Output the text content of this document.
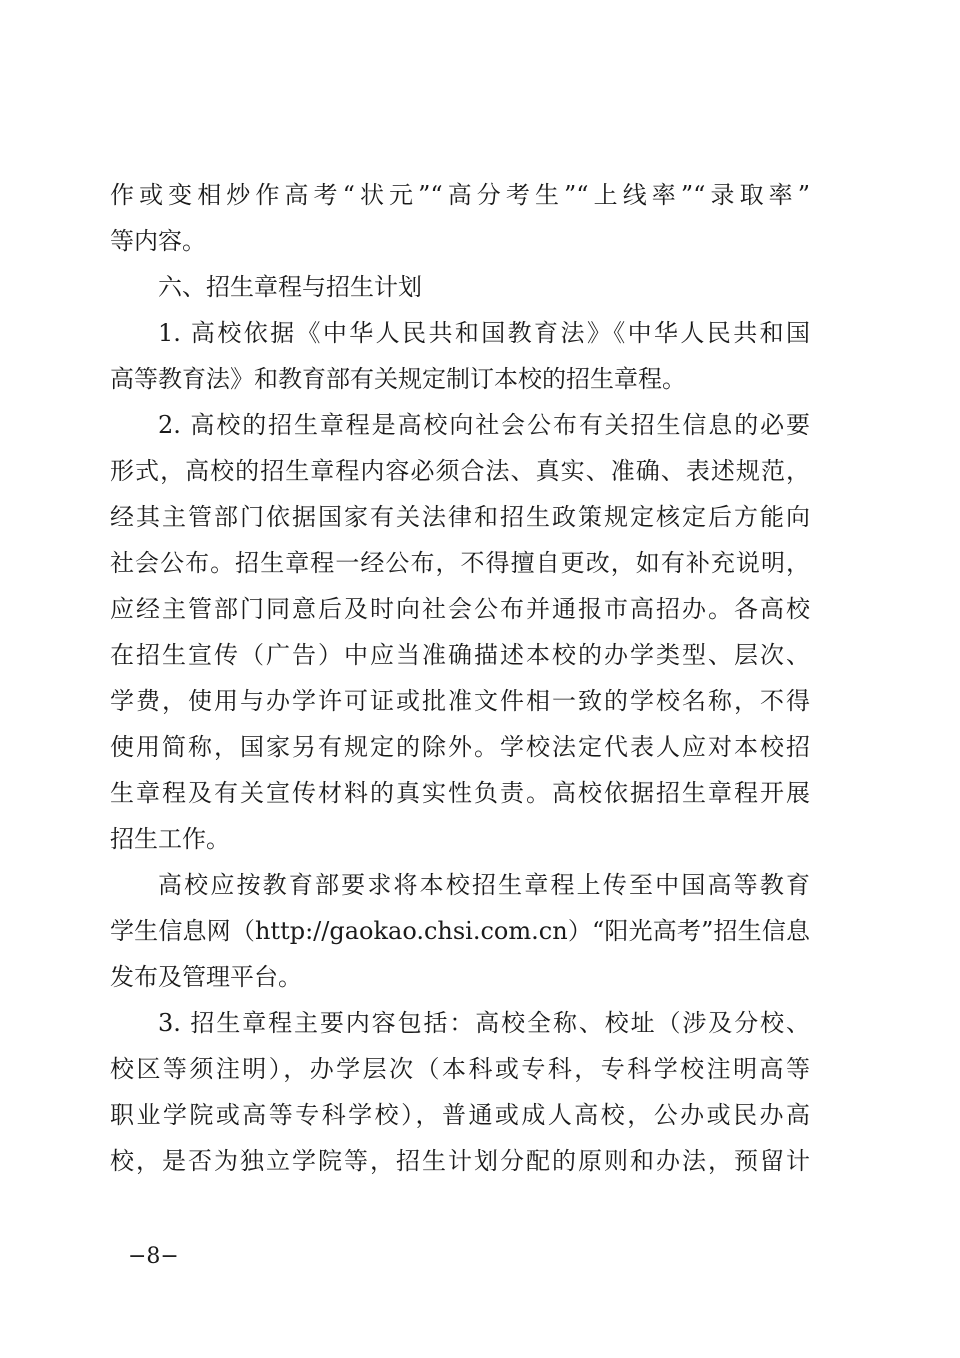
作或变相炒作高考“状元”“高分考生”“上线率”“录取率”
等内容。
六、招生章程与招生计划
1. 高校依据《中华人民共和国教育法》《中华人民共和国
高等教育法》和教育部有关规定制订本校的招生章程。
2. 高校的招生章程是高校向社会公布有关招生信息的必要
形式，高校的招生章程内容必须合法、真实、准确、表述规范，
经其主管部门依据国家有关法律和招生政策规定核定后方能向
社会公布。招生章程一经公布，不得擅自更改，如有补充说明，
应经主管部门同意后及时向社会公布并通报市高招办。各高校
在招生宣传（广告）中应当准确描述本校的办学类型、层次、
学费，使用与办学许可证或批准文件相一致的学校名称，不得
使用简称，国家另有规定的除外。学校法定代表人应对本校招
生章程及有关宣传材料的真实性负责。高校依据招生章程开展
招生工作。
高校应按教育部要求将本校招生章程上传至中国高等教育
学生信息网（http://gaokao.chsi.com.cn）“阳光高考”招生信息
发布及管理平台。
3. 招生章程主要内容包括：高校全称、校址（涉及分校、
校区等须注明），办学层次（本科或专科，专科学校注明高等
职业学院或高等专科学校），普通或成人高校，公办或民办高
校，是否为独立学院等，招生计划分配的原则和办法，预留计
−8−
